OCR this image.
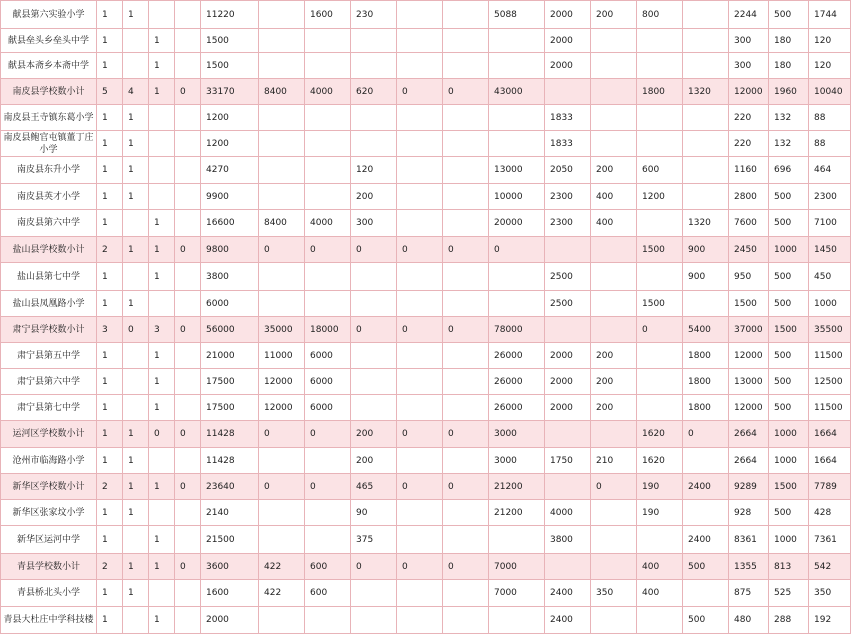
献县第六实验小学	1	1			11220		1600	230			5088	2000	200	800		2244	500	1744
献县垒头乡垒头中学	1		1		1500							2000				300	180	120
献县本斋乡本斋中学	1		1		1500							2000				300	180	120
南皮县学校数小计	5	4	1	0	33170	8400	4000	620	0	0	43000			1800	1320	12000	1960	10040
南皮县王寺镇东葛小学	1	1			1200							1833				220	132	88
南皮县鲍官屯镇董丁庄小学	1	1			1200							1833				220	132	88
南皮县东升小学	1	1			4270			120			13000	2050	200	600		1160	696	464
南皮县英才小学	1	1			9900			200			10000	2300	400	1200		2800	500	2300
南皮县第六中学	1		1		16600	8400	4000	300			20000	2300	400		1320	7600	500	7100
盐山县学校数小计	2	1	1	0	9800	0	0	0	0	0	0			1500	900	2450	1000	1450
盐山县第七中学	1		1		3800							2500			900	950	500	450
盐山县凤凰路小学	1	1			6000							2500		1500		1500	500	1000
肃宁县学校数小计	3	0	3	0	56000	35000	18000	0	0	0	78000			0	5400	37000	1500	35500
肃宁县第五中学	1		1		21000	11000	6000				26000	2000	200		1800	12000	500	11500
肃宁县第六中学	1		1		17500	12000	6000				26000	2000	200		1800	13000	500	12500
肃宁县第七中学	1		1		17500	12000	6000				26000	2000	200		1800	12000	500	11500
运河区学校数小计	1	1	0	0	11428	0	0	200	0	0	3000			1620	0	2664	1000	1664
沧州市临海路小学	1	1			11428			200			3000	1750	210	1620		2664	1000	1664
新华区学校数小计	2	1	1	0	23640	0	0	465	0	0	21200		0	190	2400	9289	1500	7789
新华区张家坟小学	1	1			2140			90			21200	4000		190		928	500	428
新华区运河中学	1		1		21500			375				3800			2400	8361	1000	7361
青县学校数小计	2	1	1	0	3600	422	600	0	0	0	7000			400	500	1355	813	542
青县桥北头小学	1	1			1600	422	600				7000	2400	350	400		875	525	350
青县大杜庄中学科技楼	1		1		2000							2400			500	480	288	192
